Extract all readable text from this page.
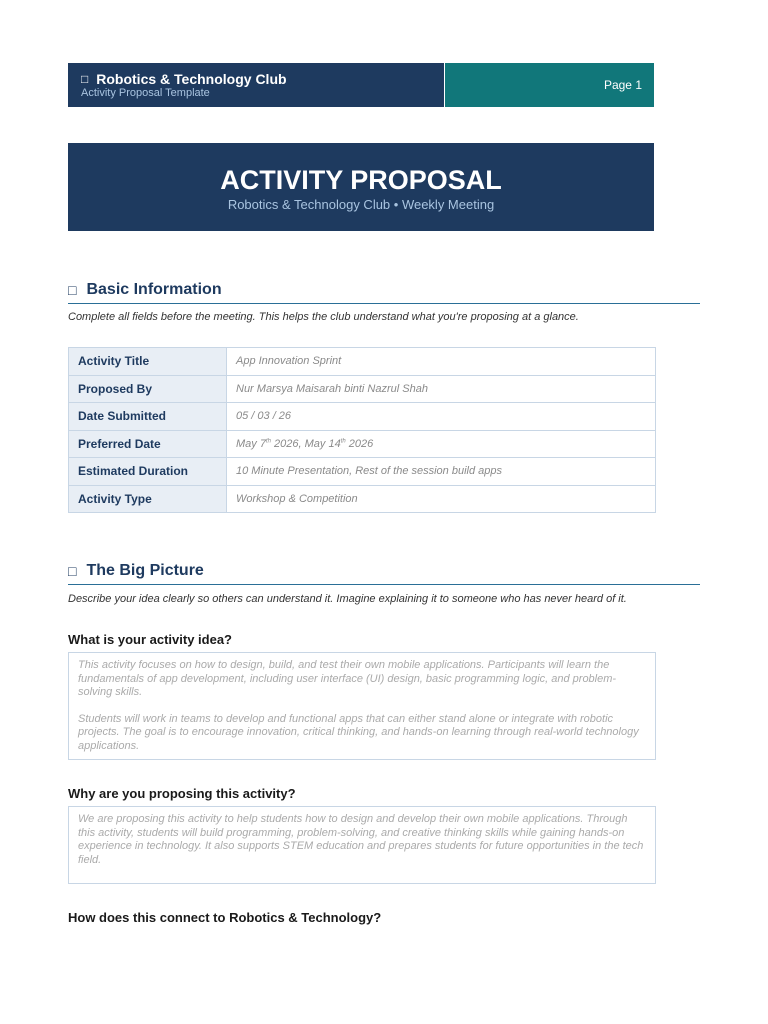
□ Robotics & Technology Club
Activity Proposal Template
Page 1
ACTIVITY PROPOSAL
Robotics & Technology Club • Weekly Meeting
□ Basic Information
Complete all fields before the meeting. This helps the club understand what you're proposing at a glance.
Activity Title	App Innovation Sprint
Proposed By	Nur Marsya Maisarah binti Nazrul Shah
Date Submitted	05 / 03 / 26
Preferred Date	May 7th 2026, May 14th 2026
Estimated Duration	10 Minute Presentation, Rest of the session build apps
Activity Type	Workshop & Competition
□ The Big Picture
Describe your idea clearly so others can understand it. Imagine explaining it to someone who has never heard of it.
What is your activity idea?

This activity focuses on how to design, build, and test their own mobile applications. Participants will learn the fundamentals of app development, including user interface (UI) design, basic programming logic, and problem-solving skills.

Students will work in teams to develop and functional apps that can either stand alone or integrate with robotic projects. The goal is to encourage innovation, critical thinking, and hands-on learning through real-world technology applications.

Why are you proposing this activity?

We are proposing this activity to help students how to design and develop their own mobile applications. Through this activity, students will build programming, problem-solving, and creative thinking skills while gaining hands-on experience in technology. It also supports STEM education and prepares students for future opportunities in the tech field.

How does this connect to Robotics & Technology?
